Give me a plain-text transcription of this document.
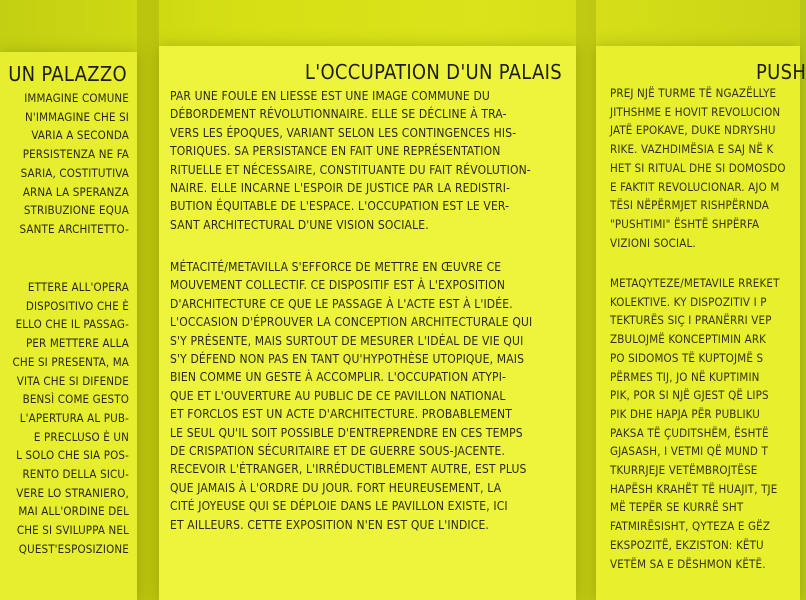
UN PALAZZO
IMMAGINE COMUNE
N'IMMAGINE CHE SI
VARIA A SECONDA
PERSISTENZA NE FA
SARIA, COSTITUTIVA
ARNA LA SPERANZA
STRIBUZIONE EQUA
SANTE ARCHITETTO-
ETTERE ALL'OPERA
DISPOSITIVO CHE È
ELLO CHE IL PASSAG-
PER METTERE ALLA
CHE SI PRESENTA, MA
VITA CHE SI DIFENDE
BENSÌ COME GESTO
L'APERTURA AL PUB-
E PRECLUSO È UN
L SOLO CHE SIA POS-
RENTO DELLA SICU-
VERE LO STRANIERO,
MAI ALL'ORDINE DEL
CHE SI SVILUPPA NEL
QUEST'ESPOSIZIONE
L'OCCUPATION D'UN PALAIS
PAR UNE FOULE EN LIESSE EST UNE IMAGE COMMUNE DU
DÉBORDEMENT RÉVOLUTIONNAIRE. ELLE SE DÉCLINE À TRA-
VERS LES ÉPOQUES, VARIANT SELON LES CONTINGENCES HIS-
TORIQUES. SA PERSISTANCE EN FAIT UNE REPRÉSENTATION
RITUELLE ET NÉCESSAIRE, CONSTITUANTE DU FAIT RÉVOLUTION-
NAIRE. ELLE INCARNE L'ESPOIR DE JUSTICE PAR LA REDISTRI-
BUTION ÉQUITABLE DE L'ESPACE. L'OCCUPATION EST LE VER-
SANT ARCHITECTURAL D'UNE VISION SOCIALE.
MÉTACITÉ/METAVILLA S'EFFORCE DE METTRE EN ŒUVRE CE
MOUVEMENT COLLECTIF. CE DISPOSITIF EST À L'EXPOSITION
D'ARCHITECTURE CE QUE LE PASSAGE À L'ACTE EST À L'IDÉE.
L'OCCASION D'ÉPROUVER LA CONCEPTION ARCHITECTURALE QUI
S'Y PRÉSENTE, MAIS SURTOUT DE MESURER L'IDÉAL DE VIE QUI
S'Y DÉFEND NON PAS EN TANT QU'HYPOTHÈSE UTOPIQUE, MAIS
BIEN COMME UN GESTE À ACCOMPLIR. L'OCCUPATION ATYPI-
QUE ET L'OUVERTURE AU PUBLIC DE CE PAVILLON NATIONAL
ET FORCLOS EST UN ACTE D'ARCHITECTURE. PROBABLEMENT
LE SEUL QU'IL SOIT POSSIBLE D'ENTREPRENDRE EN CES TEMPS
DE CRISPATION SÉCURITAIRE ET DE GUERRE SOUS-JACENTE.
RECEVOIR L'ÉTRANGER, L'IRRÉDUCTIBLEMENT AUTRE, EST PLUS
QUE JAMAIS À L'ORDRE DU JOUR. FORT HEUREUSEMENT, LA
CITÉ JOYEUSE QUI SE DÉPLOIE DANS LE PAVILLON EXISTE, ICI
ET AILLEURS. CETTE EXPOSITION N'EN EST QUE L'INDICE.
PUSH
PREJ NJË TURME TË NGAZËLLYE
JITHSHME E HOVIT REVOLUCION
JATË EPOKAVE, DUKE NDRYSHU
RIKE. VAZHDIMËSIA E SAJ NË K
HET SI RITUAL DHE SI DOMOSDO
E FAKTIT REVOLUCIONAR. AJO M
TËSI NËPËRMJET RISHPËRNDA
"PUSHTIMI" ËSHTË SHPËRFA
VIZIONI SOCIAL.
METAQYTEZE/METAVILE RREKET
KOLEKTIVE. KY DISPOZITIV I P
TEKTURËS SIÇ I PRANËRRI VEP
ZBULOJMË KONCEPTIMIN ARK
PO SIDOMOS TË KUPTOJMË S
PËRMES TIJ, JO NË KUPTIMIN
PIK, POR SI NJË GJEST QË LIPS
PIK DHE HAPJA PËR PUBLIKU
PAKSA TË ÇUDITSHËM, ËSHTË
GJASASH, I VETMI QË MUND T
TKURRJEJE VETËMBROJTËSE
HAPËSH KRAHËT TË HUAJIT, TJE
MË TEPËR SE KURRË SHT
FATMIRËSISHT, QYTEZA E GËZ
EKSPOZITË, EKZISTON: KËTU
VETËM SA E DËSHMON KËTË.
